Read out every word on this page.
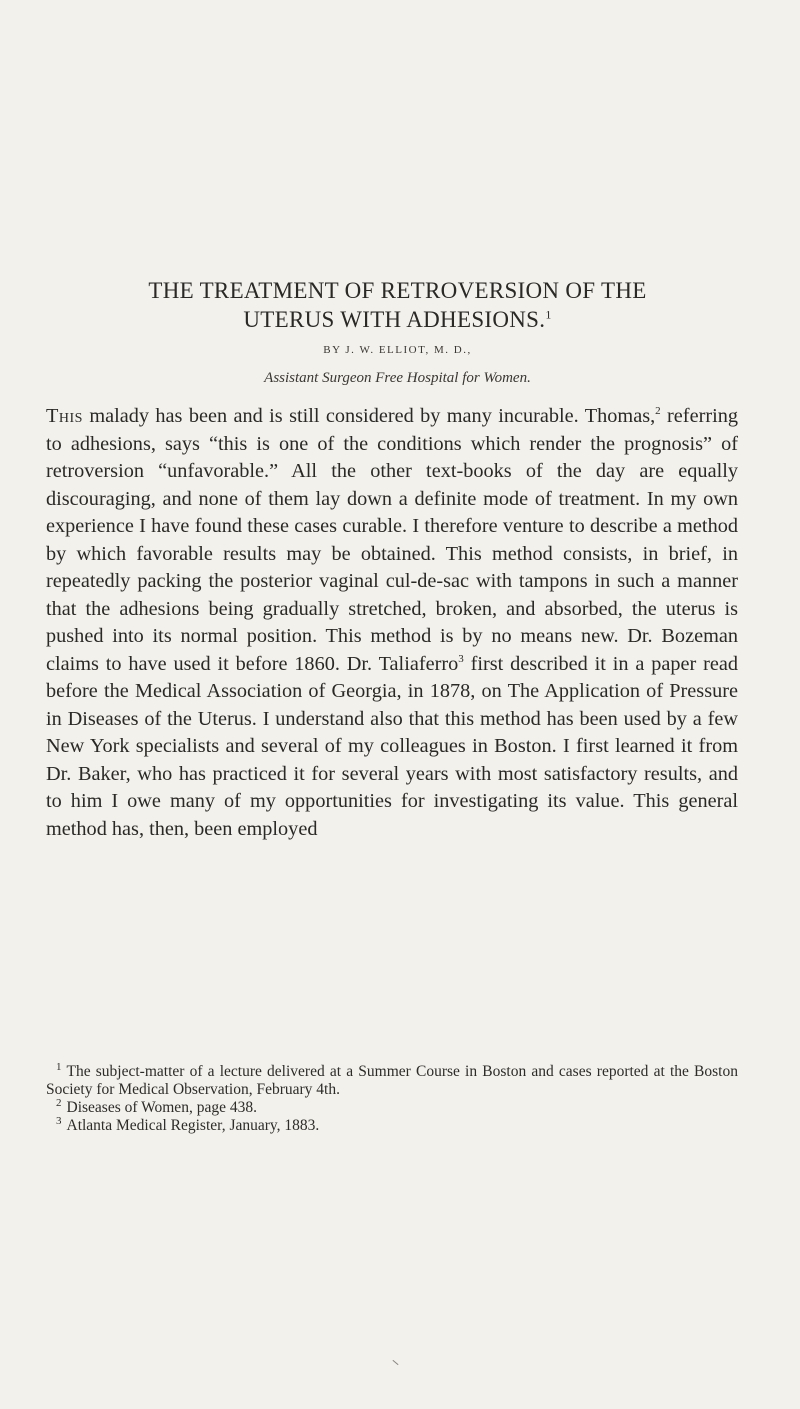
THE TREATMENT OF RETROVERSION OF THE
UTERUS WITH ADHESIONS.$^1$
BY J. W. ELLIOT, M. D.,
Assistant Surgeon Free Hospital for Women.

This malady has been and is still considered by many incurable. Thomas,$^2$ referring to adhesions, says “this is one of the conditions which render the prognosis” of retroversion “unfavorable.” All the other text-books of the day are equally discouraging, and none of them lay down a definite mode of treatment. In my own experience I have found these cases curable. I therefore venture to describe a method by which favorable results may be obtained. This method consists, in brief, in repeatedly packing the posterior vaginal cul-de-sac with tampons in such a manner that the adhesions being gradually stretched, broken, and absorbed, the uterus is pushed into its normal position. This method is by no means new. Dr. Bozeman claims to have used it before 1860. Dr. Taliaferro$^3$ first described it in a paper read before the Medical Association of Georgia, in 1878, on The Application of Pressure in Diseases of the Uterus. I understand also that this method has been used by a few New York specialists and several of my colleagues in Boston. I first learned it from Dr. Baker, who has practiced it for several years with most satisfactory results, and to him I owe many of my opportunities for investigating its value. This general method has, then, been employed

$^1$ The subject-matter of a lecture delivered at a Summer Course in Boston and cases reported at the Boston Society for Medical Observation, February 4th.

$^2$ Diseases of Women, page 438.

$^3$ Atlanta Medical Register, January, 1883.
